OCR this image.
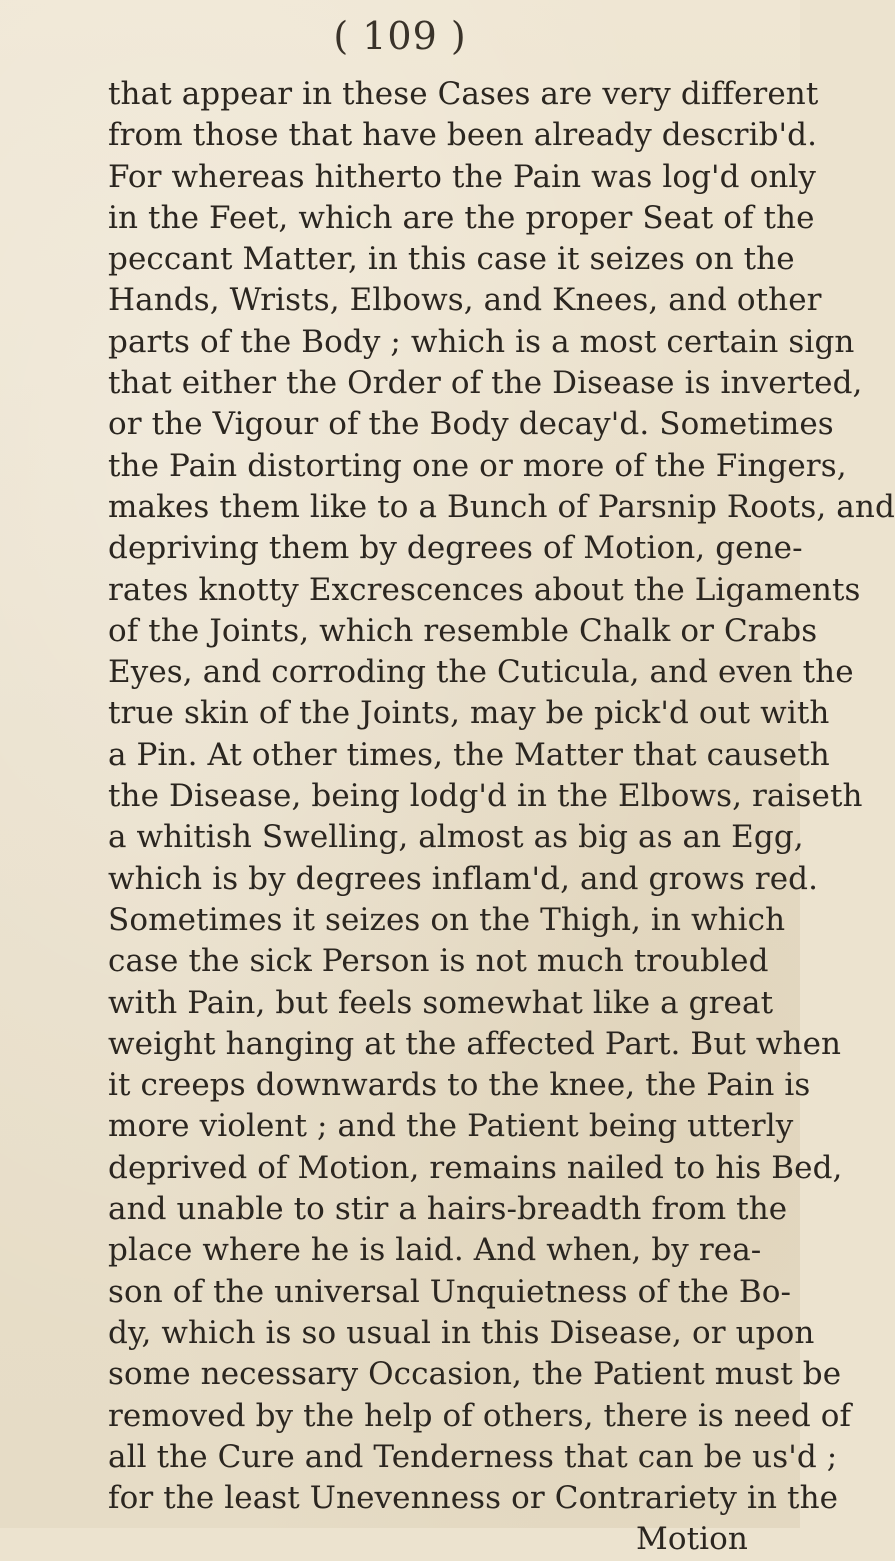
( 109 )
that appear in these Cases are very different
from those that have been already describ'd.
For whereas hitherto the Pain was log'd only
in the Feet, which are the proper Seat of the
peccant Matter, in this case it seizes on the
Hands, Wrists, Elbows, and Knees, and other
parts of the Body ; which is a most certain sign
that either the Order of the Disease is inverted,
or the Vigour of the Body decay'd. Sometimes
the Pain distorting one or more of the Fingers,
makes them like to a Bunch of Parsnip Roots, and
depriving them by degrees of Motion, gene-
rates knotty Excrescences about the Ligaments
of the Joints, which resemble Chalk or Crabs
Eyes, and corroding the Cuticula, and even the
true skin of the Joints, may be pick'd out with
a Pin. At other times, the Matter that causeth
the Disease, being lodg'd in the Elbows, raiseth
a whitish Swelling, almost as big as an Egg,
which is by degrees inflam'd, and grows red.
Sometimes it seizes on the Thigh, in which
case the sick Person is not much troubled
with Pain, but feels somewhat like a great
weight hanging at the affected Part. But when
it creeps downwards to the knee, the Pain is
more violent ; and the Patient being utterly
deprived of Motion, remains nailed to his Bed,
and unable to stir a hairs-breadth from the
place where he is laid. And when, by rea-
son of the universal Unquietness of the Bo-
dy, which is so usual in this Disease, or upon
some necessary Occasion, the Patient must be
removed by the help of others, there is need of
all the Cure and Tenderness that can be us'd ;
for the least Unevenness or Contrariety in the
Motion
